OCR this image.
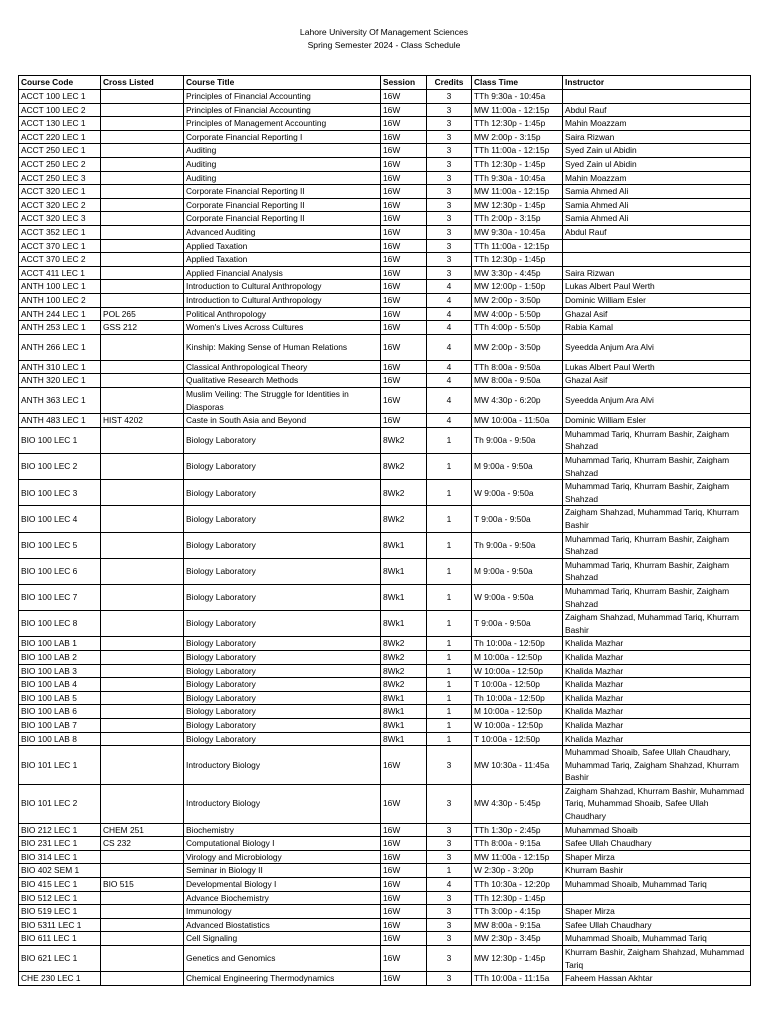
Lahore University Of Management Sciences
Spring Semester 2024 - Class Schedule
Course Code	Cross Listed	Course Title	Session	Credits	Class Time	Instructor
ACCT 100 LEC 1		Principles of Financial Accounting	16W	3	TTh 9:30a - 10:45a	
ACCT 100 LEC 2		Principles of Financial Accounting	16W	3	MW 11:00a - 12:15p	Abdul Rauf
ACCT 130 LEC 1		Principles of Management Accounting	16W	3	TTh 12:30p - 1:45p	Mahin Moazzam
ACCT 220 LEC 1		Corporate Financial Reporting I	16W	3	MW 2:00p - 3:15p	Saira Rizwan
ACCT 250 LEC 1		Auditing	16W	3	TTh 11:00a - 12:15p	Syed Zain ul Abidin
ACCT 250 LEC 2		Auditing	16W	3	TTh 12:30p - 1:45p	Syed Zain ul Abidin
ACCT 250 LEC 3		Auditing	16W	3	TTh 9:30a - 10:45a	Mahin Moazzam
ACCT 320 LEC 1		Corporate Financial Reporting II	16W	3	MW 11:00a - 12:15p	Samia Ahmed Ali
ACCT 320 LEC 2		Corporate Financial Reporting II	16W	3	MW 12:30p - 1:45p	Samia Ahmed Ali
ACCT 320 LEC 3		Corporate Financial Reporting II	16W	3	TTh 2:00p - 3:15p	Samia Ahmed Ali
ACCT 352 LEC 1		Advanced Auditing	16W	3	MW 9:30a - 10:45a	Abdul Rauf
ACCT 370 LEC 1		Applied Taxation	16W	3	TTh 11:00a - 12:15p	
ACCT 370 LEC 2		Applied Taxation	16W	3	TTh 12:30p - 1:45p	
ACCT 411 LEC 1		Applied Financial Analysis	16W	3	MW 3:30p - 4:45p	Saira Rizwan
ANTH 100 LEC 1		Introduction to Cultural Anthropology	16W	4	MW 12:00p - 1:50p	Lukas Albert Paul Werth
ANTH 100 LEC 2		Introduction to Cultural Anthropology	16W	4	MW 2:00p - 3:50p	Dominic William Esler
ANTH 244 LEC 1	POL 265	Political Anthropology	16W	4	MW 4:00p - 5:50p	Ghazal Asif
ANTH 253 LEC 1	GSS 212	Women's Lives Across Cultures	16W	4	TTh 4:00p - 5:50p	Rabia Kamal
ANTH 266 LEC 1		Kinship: Making Sense of Human Relations	16W	4	MW 2:00p - 3:50p	Syeedda Anjum Ara Alvi
ANTH 310 LEC 1		Classical Anthropological Theory	16W	4	TTh 8:00a - 9:50a	Lukas Albert Paul Werth
ANTH 320 LEC 1		Qualitative Research Methods	16W	4	MW 8:00a - 9:50a	Ghazal Asif
ANTH 363 LEC 1		Muslim Veiling: The Struggle for Identities in Diasporas	16W	4	MW 4:30p - 6:20p	Syeedda Anjum Ara Alvi
ANTH 483 LEC 1	HIST 4202	Caste in South Asia and Beyond	16W	4	MW 10:00a - 11:50a	Dominic William Esler
BIO 100 LEC 1		Biology Laboratory	8Wk2	1	Th 9:00a - 9:50a	Muhammad Tariq, Khurram Bashir, Zaigham Shahzad
BIO 100 LEC 2		Biology Laboratory	8Wk2	1	M 9:00a - 9:50a	Muhammad Tariq, Khurram Bashir, Zaigham Shahzad
BIO 100 LEC 3		Biology Laboratory	8Wk2	1	W 9:00a - 9:50a	Muhammad Tariq, Khurram Bashir, Zaigham Shahzad
BIO 100 LEC 4		Biology Laboratory	8Wk2	1	T 9:00a - 9:50a	Zaigham Shahzad, Muhammad Tariq, Khurram Bashir
BIO 100 LEC 5		Biology Laboratory	8Wk1	1	Th 9:00a - 9:50a	Muhammad Tariq, Khurram Bashir, Zaigham Shahzad
BIO 100 LEC 6		Biology Laboratory	8Wk1	1	M 9:00a - 9:50a	Muhammad Tariq, Khurram Bashir, Zaigham Shahzad
BIO 100 LEC 7		Biology Laboratory	8Wk1	1	W 9:00a - 9:50a	Muhammad Tariq, Khurram Bashir, Zaigham Shahzad
BIO 100 LEC 8		Biology Laboratory	8Wk1	1	T 9:00a - 9:50a	Zaigham Shahzad, Muhammad Tariq, Khurram Bashir
BIO 100 LAB 1		Biology Laboratory	8Wk2	1	Th 10:00a - 12:50p	Khalida Mazhar
BIO 100 LAB 2		Biology Laboratory	8Wk2	1	M 10:00a - 12:50p	Khalida Mazhar
BIO 100 LAB 3		Biology Laboratory	8Wk2	1	W 10:00a - 12:50p	Khalida Mazhar
BIO 100 LAB 4		Biology Laboratory	8Wk2	1	T 10:00a - 12:50p	Khalida Mazhar
BIO 100 LAB 5		Biology Laboratory	8Wk1	1	Th 10:00a - 12:50p	Khalida Mazhar
BIO 100 LAB 6		Biology Laboratory	8Wk1	1	M 10:00a - 12:50p	Khalida Mazhar
BIO 100 LAB 7		Biology Laboratory	8Wk1	1	W 10:00a - 12:50p	Khalida Mazhar
BIO 100 LAB 8		Biology Laboratory	8Wk1	1	T 10:00a - 12:50p	Khalida Mazhar
BIO 101 LEC 1		Introductory Biology	16W	3	MW 10:30a - 11:45a	Muhammad Shoaib, Safee Ullah Chaudhary, Muhammad Tariq, Zaigham Shahzad, Khurram Bashir
BIO 101 LEC 2		Introductory Biology	16W	3	MW 4:30p - 5:45p	Zaigham Shahzad, Khurram Bashir, Muhammad Tariq, Muhammad Shoaib, Safee Ullah Chaudhary
BIO 212 LEC 1	CHEM 251	Biochemistry	16W	3	TTh 1:30p - 2:45p	Muhammad Shoaib
BIO 231 LEC 1	CS 232	Computational Biology I	16W	3	TTh 8:00a - 9:15a	Safee Ullah Chaudhary
BIO 314 LEC 1		Virology and Microbiology	16W	3	MW 11:00a - 12:15p	Shaper Mirza
BIO 402 SEM 1		Seminar in Biology II	16W	1	W 2:30p - 3:20p	Khurram Bashir
BIO 415 LEC 1	BIO 515	Developmental Biology I	16W	4	TTh 10:30a - 12:20p	Muhammad Shoaib, Muhammad Tariq
BIO 512 LEC 1		Advance Biochemistry	16W	3	TTh 12:30p - 1:45p	
BIO 519 LEC 1		Immunology	16W	3	TTh 3:00p - 4:15p	Shaper Mirza
BIO 5311 LEC 1		Advanced Biostatistics	16W	3	MW 8:00a - 9:15a	Safee Ullah Chaudhary
BIO 611 LEC 1		Cell Signaling	16W	3	MW 2:30p - 3:45p	Muhammad Shoaib, Muhammad Tariq
BIO 621 LEC 1		Genetics and Genomics	16W	3	MW 12:30p - 1:45p	Khurram Bashir, Zaigham Shahzad, Muhammad Tariq
CHE 230 LEC 1		Chemical Engineering Thermodynamics	16W	3	TTh 10:00a - 11:15a	Faheem Hassan Akhtar
